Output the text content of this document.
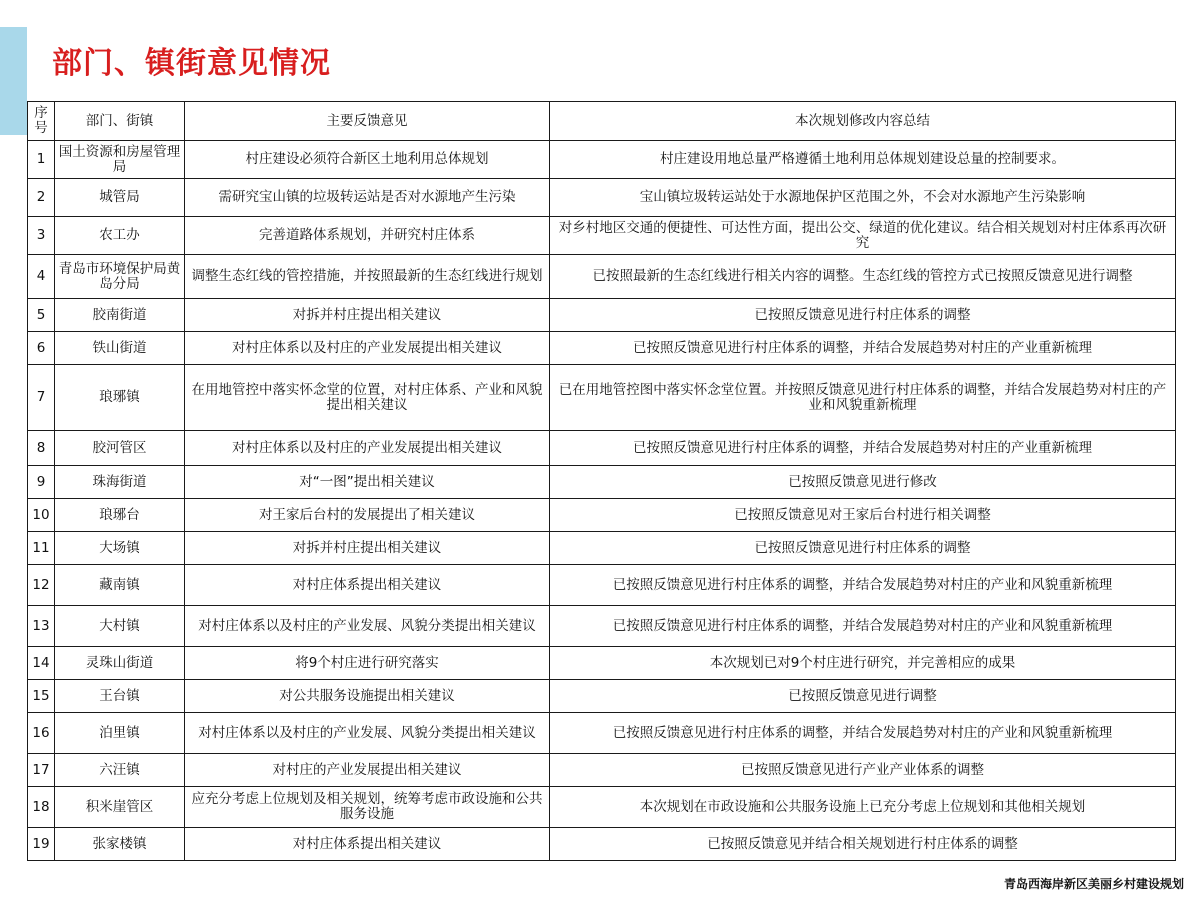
部门、镇街意见情况
序号	部门、街镇	主要反馈意见	本次规划修改内容总结
1	国土资源和房屋管理局	村庄建设必须符合新区土地利用总体规划	村庄建设用地总量严格遵循土地利用总体规划建设总量的控制要求。
2	城管局	需研究宝山镇的垃圾转运站是否对水源地产生污染	宝山镇垃圾转运站处于水源地保护区范围之外，不会对水源地产生污染影响
3	农工办	完善道路体系规划，并研究村庄体系	对乡村地区交通的便捷性、可达性方面，提出公交、绿道的优化建议。结合相关规划对村庄体系再次研究
4	青岛市环境保护局黄岛分局	调整生态红线的管控措施，并按照最新的生态红线进行规划	已按照最新的生态红线进行相关内容的调整。生态红线的管控方式已按照反馈意见进行调整
5	胶南街道	对拆并村庄提出相关建议	已按照反馈意见进行村庄体系的调整
6	铁山街道	对村庄体系以及村庄的产业发展提出相关建议	已按照反馈意见进行村庄体系的调整，并结合发展趋势对村庄的产业重新梳理
7	琅琊镇	在用地管控中落实怀念堂的位置，对村庄体系、产业和风貌提出相关建议	已在用地管控图中落实怀念堂位置。并按照反馈意见进行村庄体系的调整，并结合发展趋势对村庄的产业和风貌重新梳理
8	胶河管区	对村庄体系以及村庄的产业发展提出相关建议	已按照反馈意见进行村庄体系的调整，并结合发展趋势对村庄的产业重新梳理
9	珠海街道	对“一图”提出相关建议	已按照反馈意见进行修改
10	琅琊台	对王家后台村的发展提出了相关建议	已按照反馈意见对王家后台村进行相关调整
11	大场镇	对拆并村庄提出相关建议	已按照反馈意见进行村庄体系的调整
12	藏南镇	对村庄体系提出相关建议	已按照反馈意见进行村庄体系的调整，并结合发展趋势对村庄的产业和风貌重新梳理
13	大村镇	对村庄体系以及村庄的产业发展、风貌分类提出相关建议	已按照反馈意见进行村庄体系的调整，并结合发展趋势对村庄的产业和风貌重新梳理
14	灵珠山街道	将9个村庄进行研究落实	本次规划已对9个村庄进行研究，并完善相应的成果
15	王台镇	对公共服务设施提出相关建议	已按照反馈意见进行调整
16	泊里镇	对村庄体系以及村庄的产业发展、风貌分类提出相关建议	已按照反馈意见进行村庄体系的调整，并结合发展趋势对村庄的产业和风貌重新梳理
17	六汪镇	对村庄的产业发展提出相关建议	已按照反馈意见进行产业产业体系的调整
18	积米崖管区	应充分考虑上位规划及相关规划，统筹考虑市政设施和公共服务设施	本次规划在市政设施和公共服务设施上已充分考虑上位规划和其他相关规划
19	张家楼镇	对村庄体系提出相关建议	已按照反馈意见并结合相关规划进行村庄体系的调整
青岛西海岸新区美丽乡村建设规划
